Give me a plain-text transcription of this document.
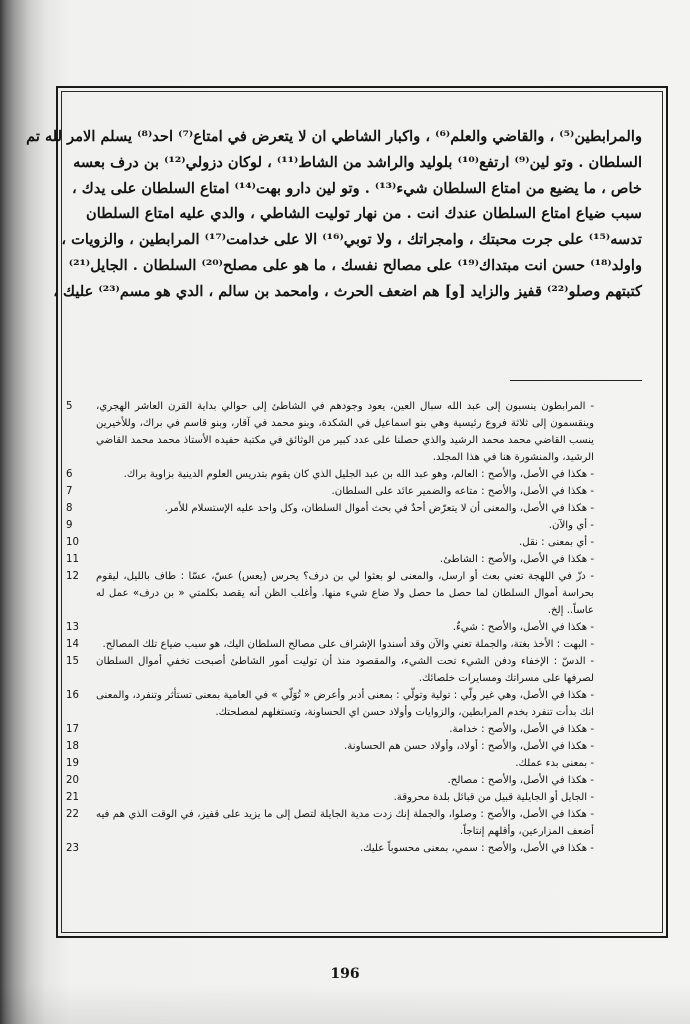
والمرابطين⁽⁵⁾ ، والقاضي والعلم⁽⁶⁾ ، واكبار الشاطي ان لا يتعرض في امتاع⁽⁷⁾ احد⁽⁸⁾ يسلم الامر لله تم
السلطان . وتو لين⁽⁹⁾ ارتفع⁽¹⁰⁾ بلوليد والراشد من الشاط⁽¹¹⁾ ، لوكان دزولي⁽¹²⁾ بن درف بعسه
خاص ، ما يضيع من امتاع السلطان شيء⁽¹³⁾ . وتو لين دارو بهت⁽¹⁴⁾ امتاع السلطان على يدك ،
سبب ضياع امتاع السلطان عندك انت . من نهار توليت الشاطي ، والدي عليه امتاع السلطان
تدسه⁽¹⁵⁾ على جرت محبتك ، وامجراتك ، ولا توبي⁽¹⁶⁾ الا على خدامت⁽¹⁷⁾ المرابطين ، والزويات ،
واولد⁽¹⁸⁾ حسن انت مبتداك⁽¹⁹⁾ على مصالح نفسك ، ما هو على مصلح⁽²⁰⁾ السلطان . الجايل⁽²¹⁾
كتبتهم وصلو⁽²²⁾ قفيز والزايد [و] هم اضعف الحرث ، وامحمد بن سالم ، الدي هو مسم⁽²³⁾ عليك ،
5	- المرابطون ينسبون إلى عبد الله سبال العين، يعود وجودهم في الشاطئ إلى حوالي بداية القرن العاشر الهجري، وينقسمون إلى ثلاثة فروع رئيسية وهي بنو اسماعيل في الشكدة، وبنو محمد في آقار، وبنو قاسم في براك، وللأخيرين ينسب القاضي محمد محمد الرشيد والذي حصلنا على عدد كبير من الوثائق في مكتبة حفيده الأستاذ محمد محمد القاضي الرشيد، والمنشورة هنا في هذا المجلد.
6	- هكذا في الأصل، والأصح : العالم، وهو عبد الله بن عبد الجليل الذي كان يقوم بتدريس العلوم الدينية بزاوية براك.
7	- هكذا في الأصل، والأصح : متاعه والضمير عائد على السلطان.
8	- هكذا في الأصل، والمعنى أن لا يتعرّض أحدٌ في بحث أموال السلطان، وكل واحد عليه الإستسلام للأمر.
9	- أي والآن.
10	- أي بمعنى : نقل.
11	- هكذا في الأصل، والأصح : الشاطئ.
12	- دزّ في اللهجة تعني بعث أو ارسل، والمعنى لو بعثوا لي بن درف؟ يحرس (يعس) عسّ، عسّا : طاف بالليل، ليقوم بحراسة أموال السلطان لما حصل ما حصل ولا ضاع شيء منها. وأغلب الظن أنه يقصد بكلمتي « بن درف» عمل له عاساً.. إلخ.
13	- هكذا في الأصل، والأصح : شيءٌ.
14	- البهت : الأخذ بغتة، والجملة تعني والآن وقد أسندوا الإشراف على مصالح السلطان اليك، هو سبب ضياع تلك المصالح.
15	- الدسّ : الإخفاء ودفن الشيء تحت الشيء، والمقصود منذ أن توليت أمور الشاطئ أصبحت تخفي أموال السلطان لصرفها على مسراتك ومسايرات خلصائك.
16	- هكذا في الأصل، وهي غير ولّي : تولية وتولّي : بمعنى أدبر وأعرض « تُوَلّي » في العامية بمعنى تستأثر وتنفرد، والمعنى انك بدأت تنفرد بخدم المرابطين، والزوايات وأولاد حسن اي الحساونة، وتستغلهم لمصلحتك.
17	- هكذا في الأصل، والأصح : خدامة.
18	- هكذا في الأصل، والأصح : أولاد، وأولاد حسن هم الحساونة.
19	- بمعنى بدء عملك.
20	- هكذا في الأصل، والأصح : مصالح.
21	- الجايل أو الجايلية قبيل من قبائل بلدة محروقة.
22	- هكذا في الأصل، والأصح : وصلوا، والجملة إنك زدت مدية الجايلة لتصل إلى ما يزيد على قفيز، في الوقت الذي هم فيه أضعف المزارعين، وأقلهم إنتاجاً.
23	- هكذا في الأصل، والأصح : سمي، بمعنى محسوباً عليك.
196
